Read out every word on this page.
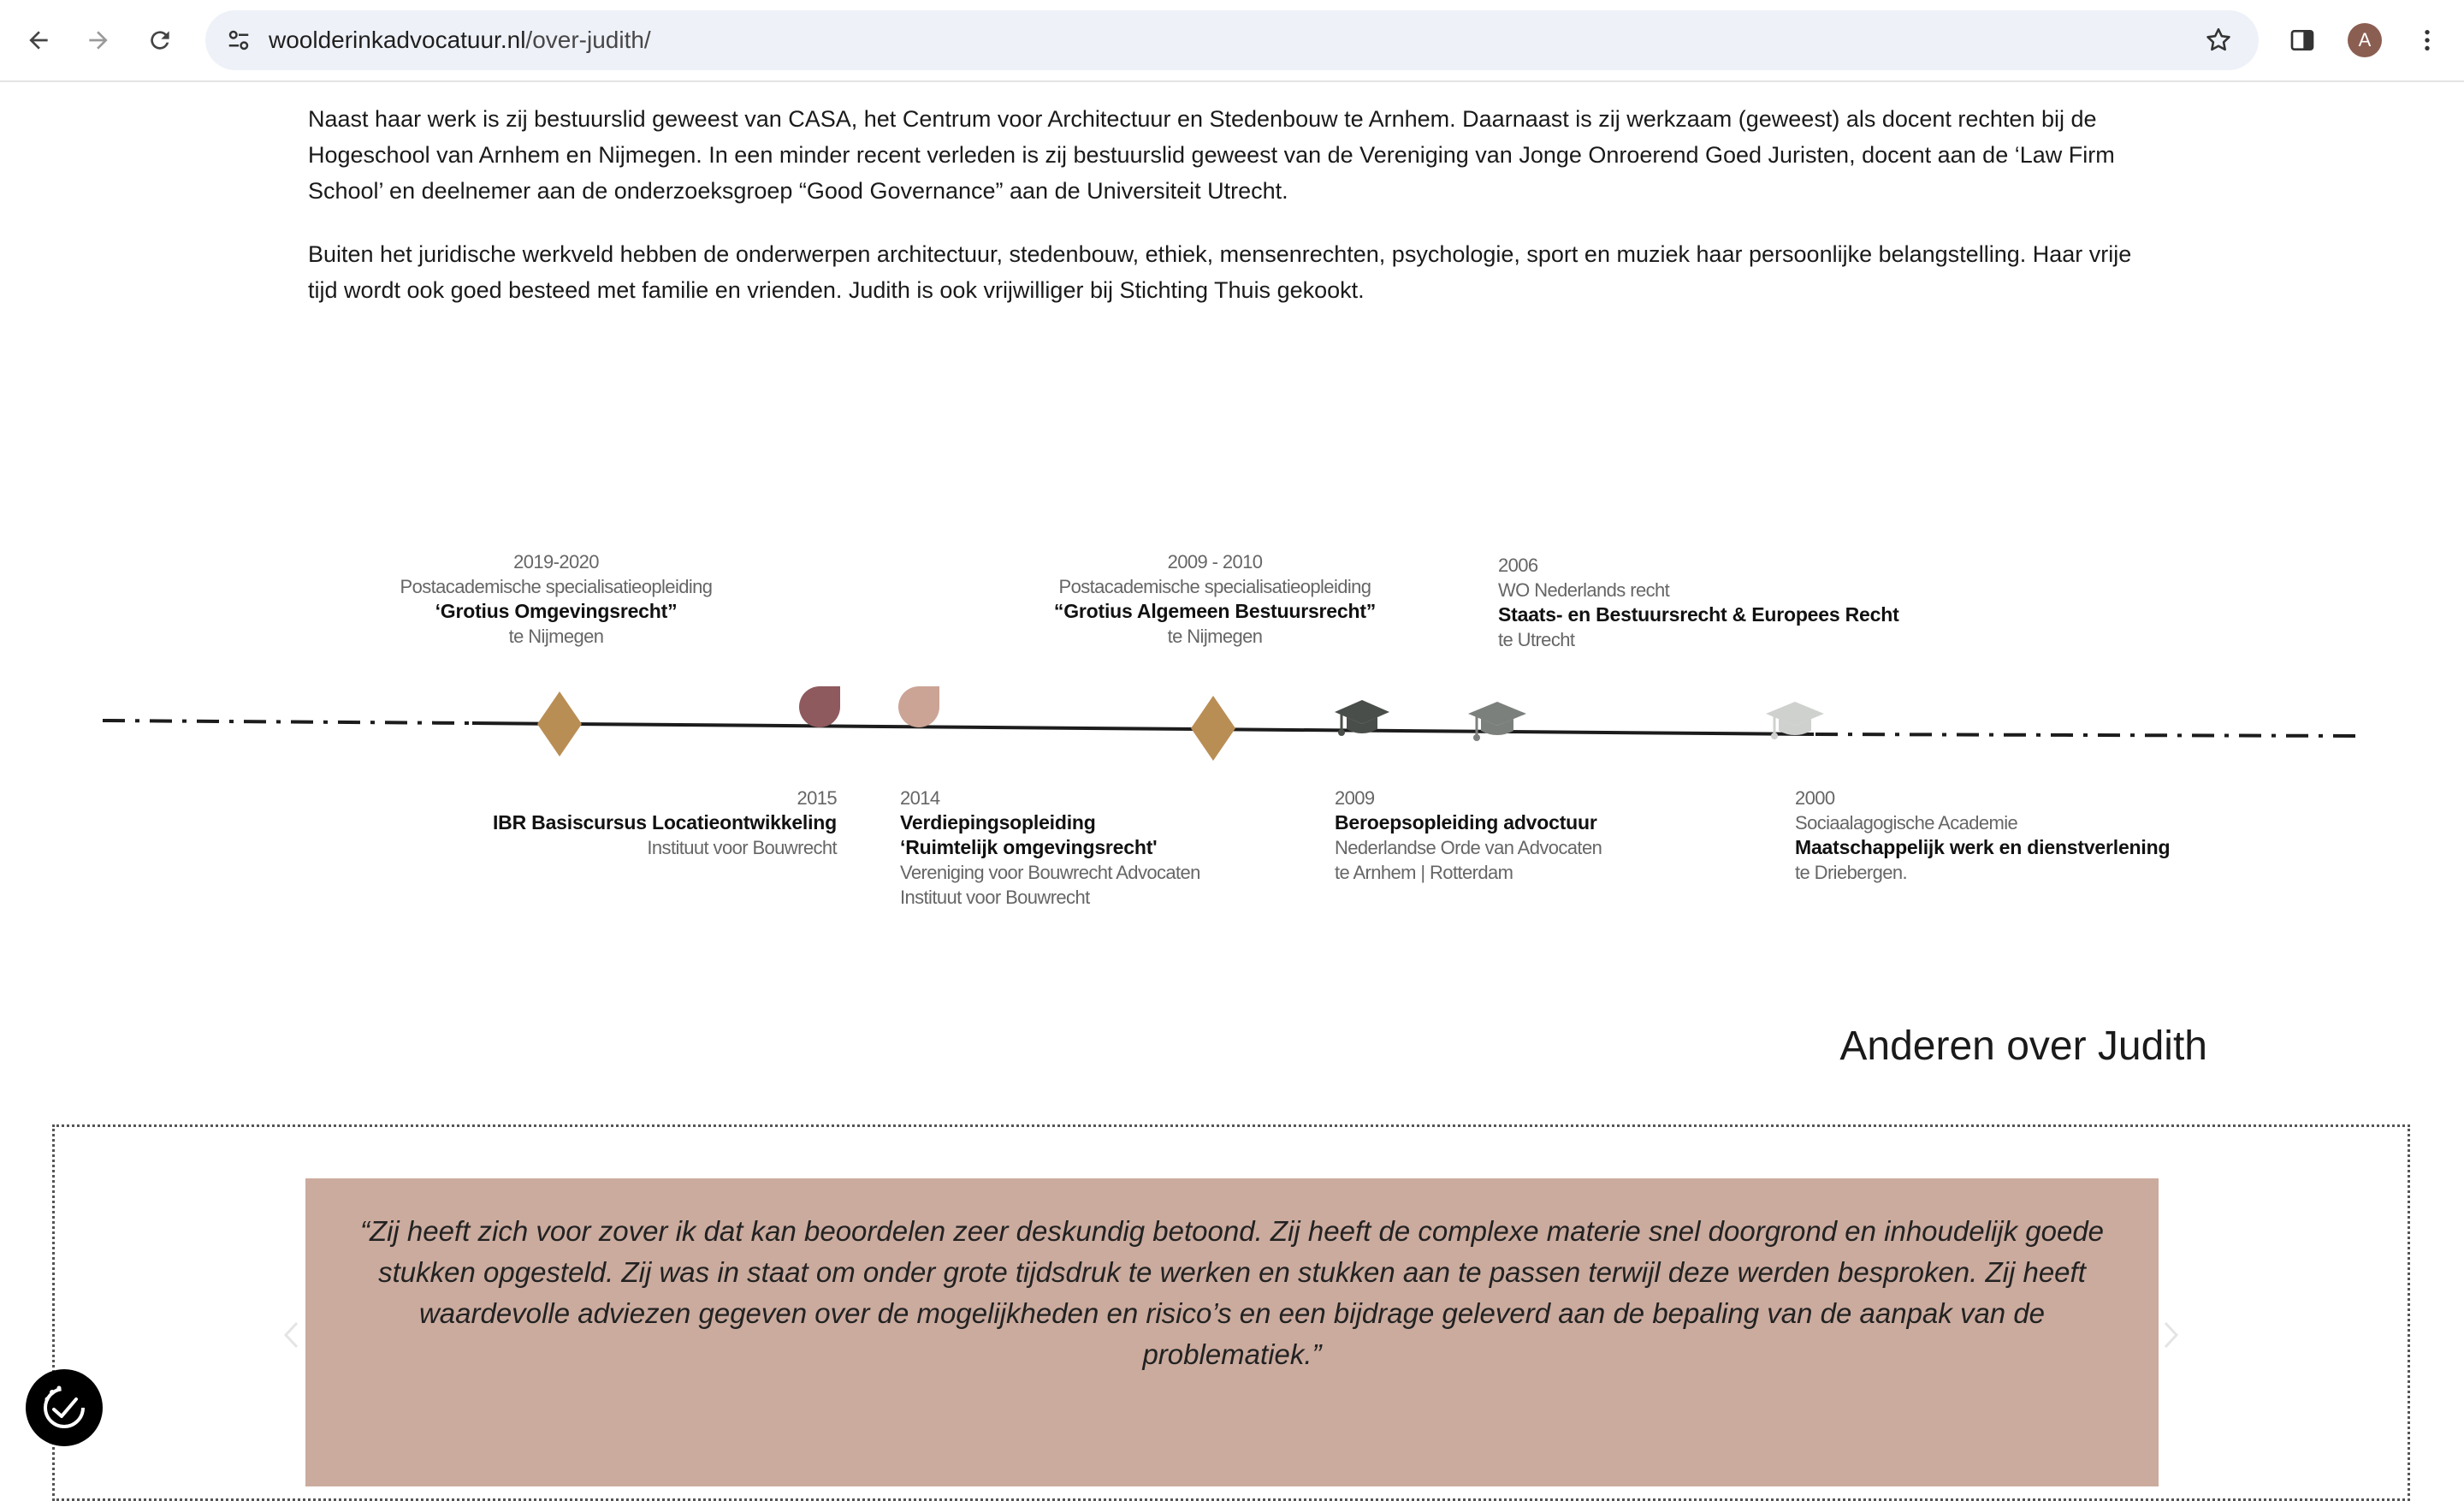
woolderinkadvocatuur.nl/over-judith/	A

Naast haar werk is zij bestuurslid geweest van CASA, het Centrum voor Architectuur en Stedenbouw te Arnhem. Daarnaast is zij werkzaam (geweest) als docent rechten bij de Hogeschool van Arnhem en Nijmegen. In een minder recent verleden is zij bestuurslid geweest van de Vereniging van Jonge Onroerend Goed Juristen, docent aan de ‘Law Firm School’ en deelnemer aan de onderzoeksgroep “Good Governance” aan de Universiteit Utrecht.

Buiten het juridische werkveld hebben de onderwerpen architectuur, stedenbouw, ethiek, mensenrechten, psychologie, sport en muziek haar persoonlijke belangstelling. Haar vrije tijd wordt ook goed besteed met familie en vrienden. Judith is ook vrijwilliger bij Stichting Thuis gekookt.

2019-2020
Postacademische specialisatieopleiding
‘Grotius Omgevingsrecht”
te Nijmegen
2009 - 2010
Postacademische specialisatieopleiding
“Grotius Algemeen Bestuursrecht”
te Nijmegen
2006
WO Nederlands recht
Staats- en Bestuursrecht & Europees Recht
te Utrecht
2015
IBR Basiscursus Locatieontwikkeling
Instituut voor Bouwrecht
2014
Verdiepingsopleiding
‘Ruimtelijk omgevingsrecht'
Vereniging voor Bouwrecht Advocaten
Instituut voor Bouwrecht
2009
Beroepsopleiding advoctuur
Nederlandse Orde van Advocaten
te Arnhem | Rotterdam
2000
Sociaalagogische Academie
Maatschappelijk werk en dienstverlening
te Driebergen.
Anderen over Judith

“Zij heeft zich voor zover ik dat kan beoordelen zeer deskundig betoond. Zij heeft de complexe materie snel doorgrond en inhoudelijk goede stukken opgesteld. Zij was in staat om onder grote tijdsdruk te werken en stukken aan te passen terwijl deze werden besproken. Zij heeft waardevolle adviezen gegeven over de mogelijkheden en risico’s en een bijdrage geleverd aan de bepaling van de aanpak van de problematiek.”
